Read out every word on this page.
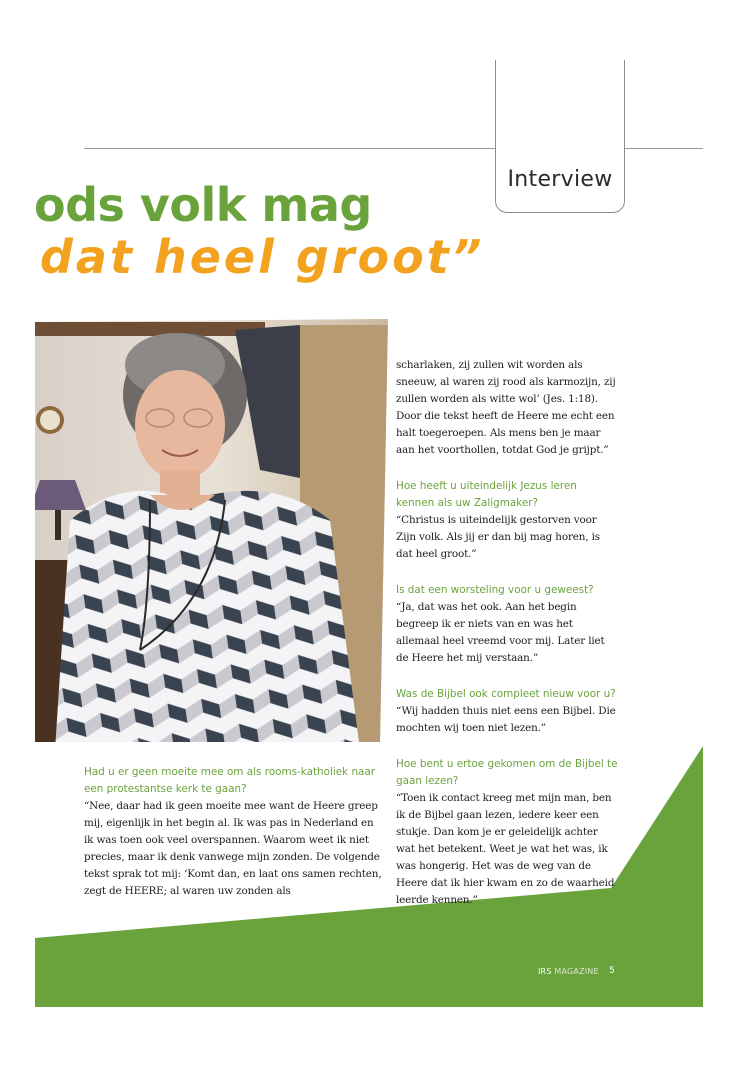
Interview
ods volk mag
dat heel groot”

scharlaken, zij zullen wit worden als sneeuw, al waren zij rood als karmozijn, zij zullen worden als witte wol’ (Jes. 1:18). Door die tekst heeft de Heere me echt een halt toegeroepen. Als mens ben je maar aan het voorthollen, totdat God je grijpt.”

Hoe heeft u uiteindelijk Jezus leren kennen als uw Zaligmaker?

“Christus is uiteindelijk gestorven voor Zijn volk. Als jij er dan bij mag horen, is dat heel groot.”

Is dat een worsteling voor u geweest?

“Ja, dat was het ook. Aan het begin begreep ik er niets van en was het allemaal heel vreemd voor mij. Later liet de Heere het mij verstaan.”

Was de Bijbel ook compleet nieuw voor u?

“Wij hadden thuis niet eens een Bijbel. Die mochten wij toen niet lezen.”

Hoe bent u ertoe gekomen om de Bijbel te gaan lezen?

“Toen ik contact kreeg met mijn man, ben ik de Bijbel gaan lezen, iedere keer een stukje. Dan kom je er geleidelijk achter wat het betekent. Weet je wat het was, ik was hongerig. Het was de weg van de Heere dat ik hier kwam en zo de waarheid leerde kennen.”

Had u er geen moeite mee om als rooms-katholiek naar een protestantse kerk te gaan?

“Nee, daar had ik geen moeite mee want de Heere greep mij, eigenlijk in het begin al. Ik was pas in Nederland en ik was toen ook veel overspannen. Waarom weet ik niet precies, maar ik denk vanwege mijn zonden. De volgende tekst sprak tot mij: ‘Komt dan, en laat ons samen rechten, zegt de HEERE; al waren uw zonden als

IRS MAGAZINE 5
